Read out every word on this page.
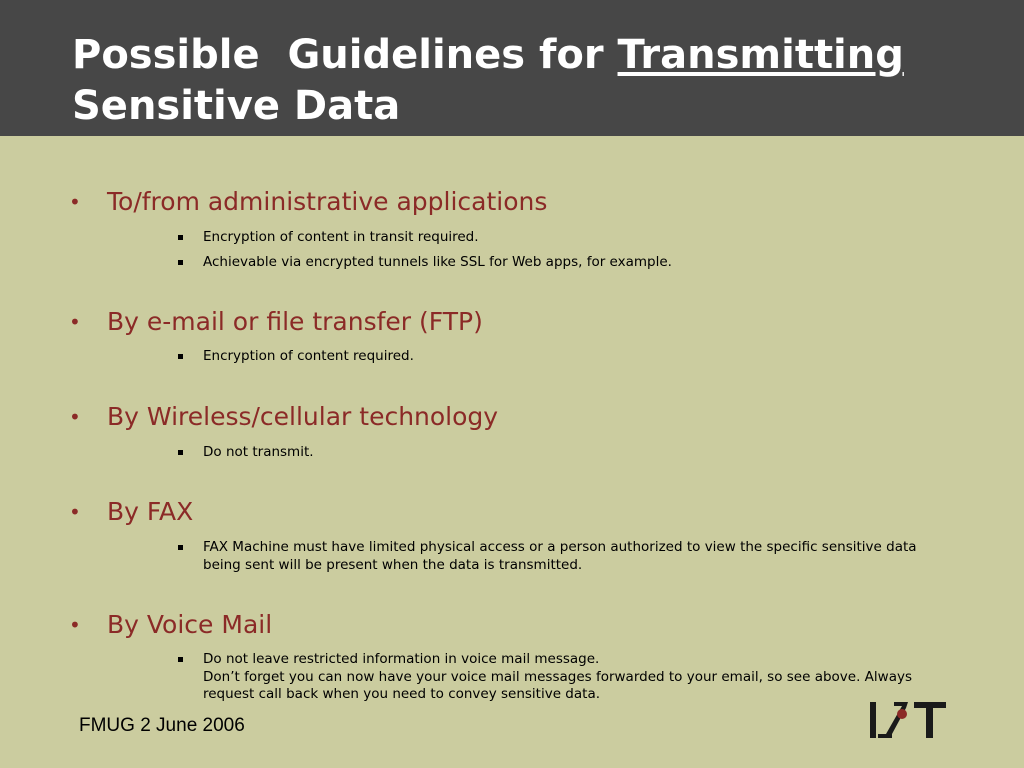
Possible  Guidelines for Transmitting
Sensitive Data
• To/from administrative applications
Encryption of content in transit required.
Achievable via encrypted tunnels like SSL for Web apps, for example.
• By e-mail or file transfer (FTP)
Encryption of content required.
• By Wireless/cellular technology
Do not transmit.
• By FAX
FAX Machine must have limited physical access or a person authorized to view the specific sensitive data
being sent will be present when the data is transmitted.
• By Voice Mail
Do not leave restricted information in voice mail message.
Don’t forget you can now have your voice mail messages forwarded to your email, so see above. Always
request call back when you need to convey sensitive data.
FMUG 2 June 2006
